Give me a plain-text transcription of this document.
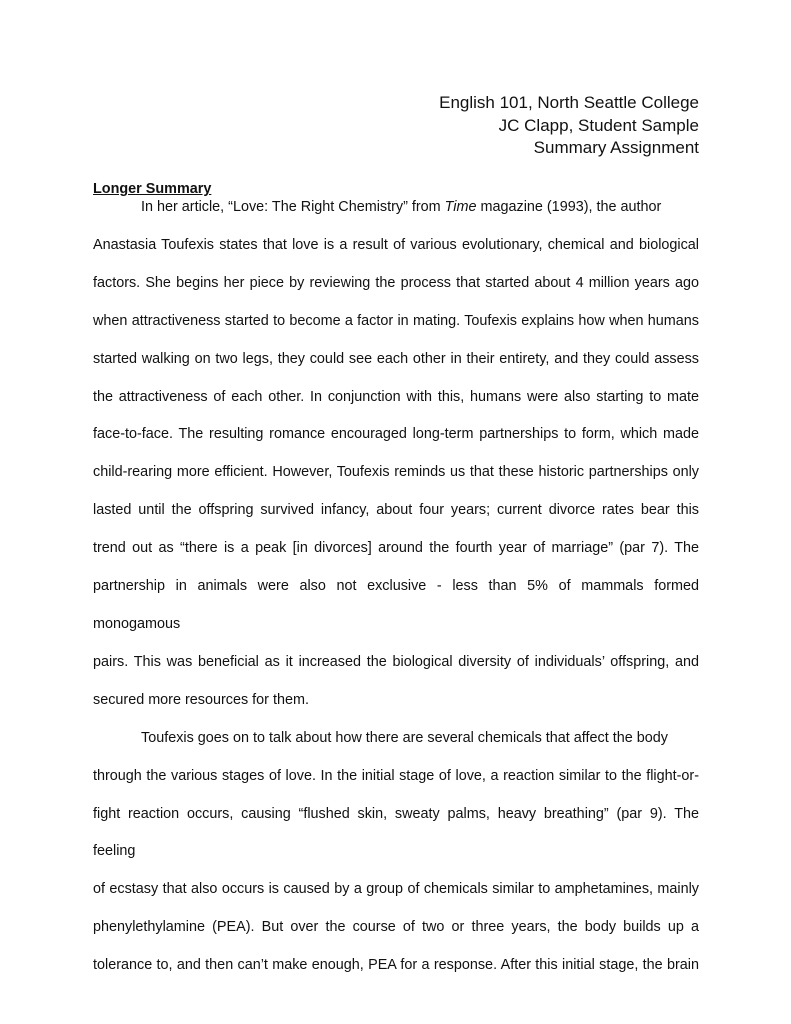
English 101, North Seattle College
JC Clapp, Student Sample
Summary Assignment

Longer Summary

In her article, “Love: The Right Chemistry” from Time magazine (1993), the author
Anastasia Toufexis states that love is a result of various evolutionary, chemical and biological
factors. She begins her piece by reviewing the process that started about 4 million years ago
when attractiveness started to become a factor in mating. Toufexis explains how when humans
started walking on two legs, they could see each other in their entirety, and they could assess
the attractiveness of each other. In conjunction with this, humans were also starting to mate
face-to-face. The resulting romance encouraged long-term partnerships to form, which made
child-rearing more efficient. However, Toufexis reminds us that these historic partnerships only
lasted until the offspring survived infancy, about four years; current divorce rates bear this
trend out as “there is a peak [in divorces] around the fourth year of marriage” (par 7). The
partnership in animals were also not exclusive - less than 5% of mammals formed monogamous
pairs. This was beneficial as it increased the biological diversity of individuals’ offspring, and
secured more resources for them.

Toufexis goes on to talk about how there are several chemicals that affect the body
through the various stages of love. In the initial stage of love, a reaction similar to the flight-or-
fight reaction occurs, causing “flushed skin, sweaty palms, heavy breathing” (par 9). The feeling
of ecstasy that also occurs is caused by a group of chemicals similar to amphetamines, mainly
phenylethylamine (PEA). But over the course of two or three years, the body builds up a
tolerance to, and then can’t make enough, PEA for a response. After this initial stage, the brain
